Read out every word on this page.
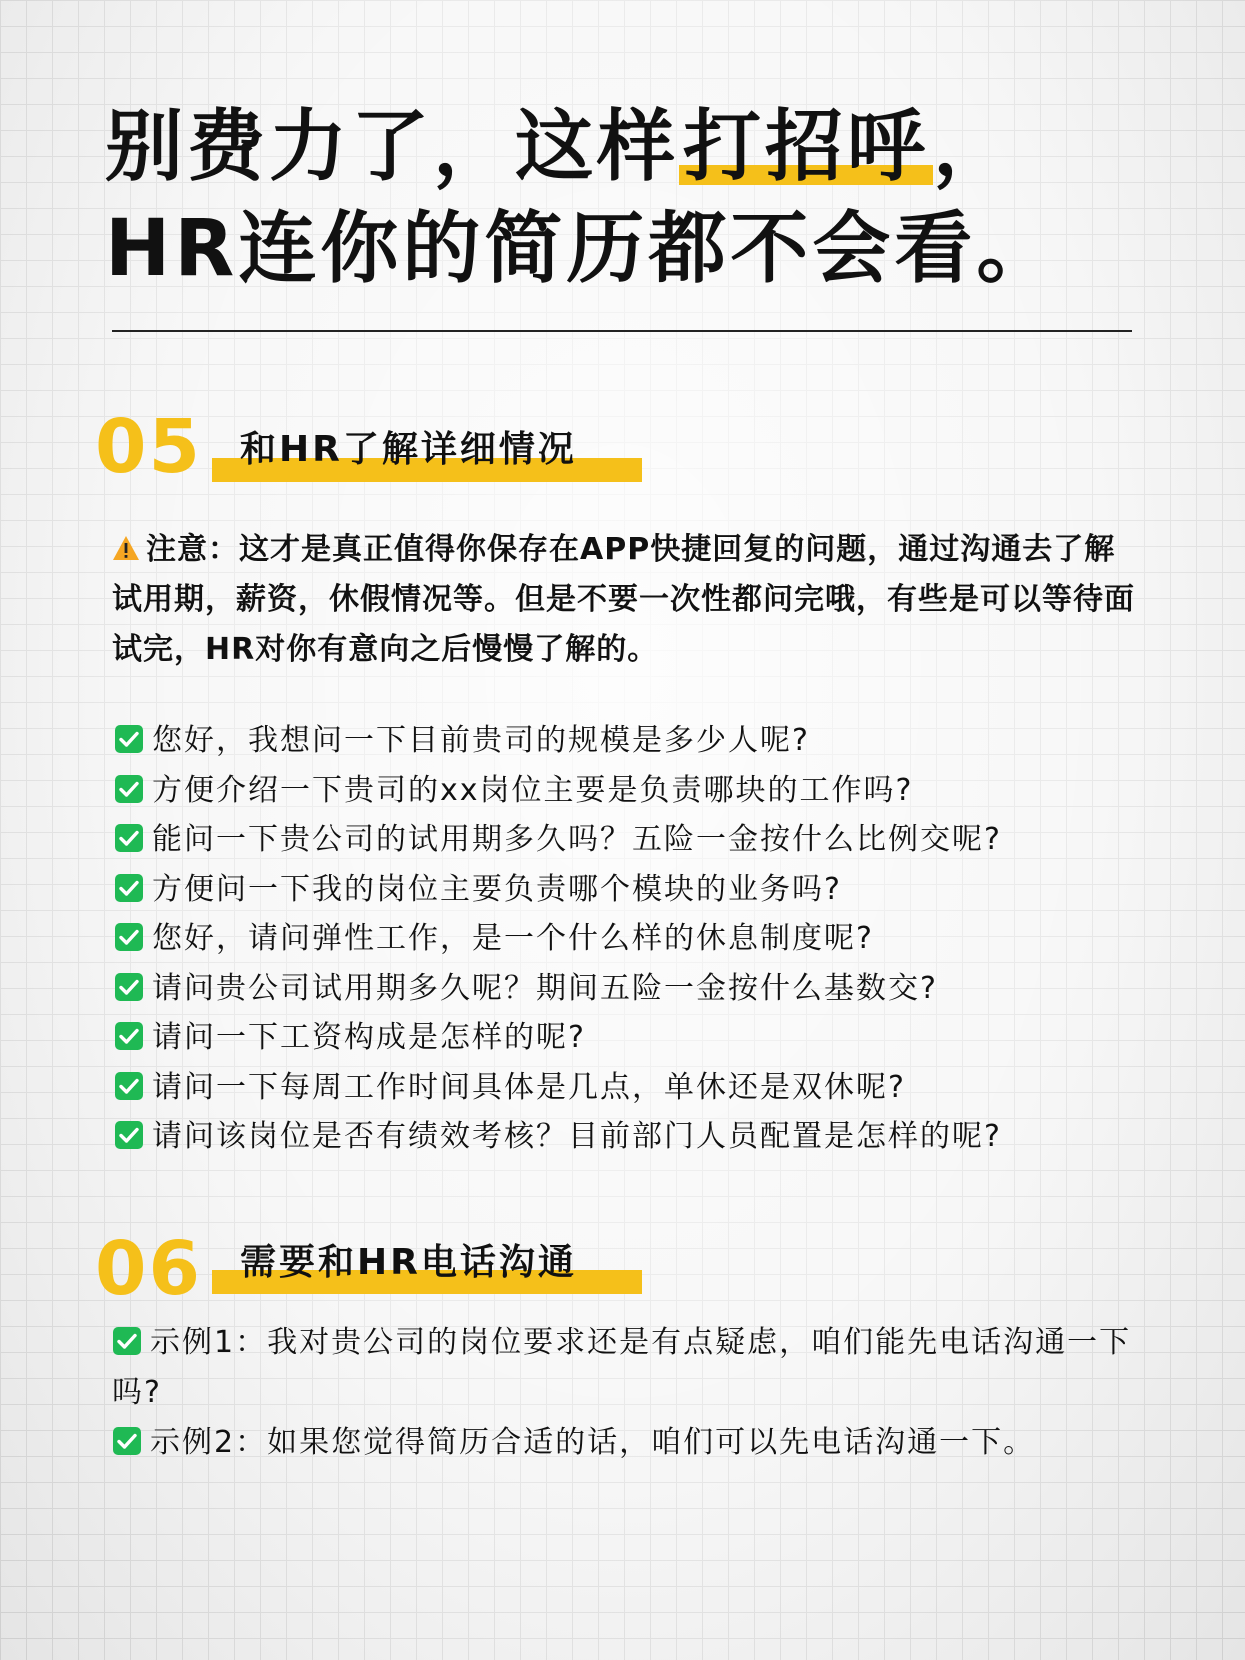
别费力了，这样打招呼，
HR连你的简历都不会看。
05 和HR了解详细情况
注意：这才是真正值得你保存在APP快捷回复的问题，通过沟通去了解试用期，薪资，休假情况等。但是不要一次性都问完哦，有些是可以等待面试完，HR对你有意向之后慢慢了解的。
您好，我想问一下目前贵司的规模是多少人呢?
方便介绍一下贵司的xx岗位主要是负责哪块的工作吗?
能问一下贵公司的试用期多久吗？五险一金按什么比例交呢?
方便问一下我的岗位主要负责哪个模块的业务吗?
您好，请问弹性工作，是一个什么样的休息制度呢?
请问贵公司试用期多久呢？期间五险一金按什么基数交?
请问一下工资构成是怎样的呢?
请问一下每周工作时间具体是几点，单休还是双休呢?
请问该岗位是否有绩效考核？目前部门人员配置是怎样的呢?
06 需要和HR电话沟通
示例1：我对贵公司的岗位要求还是有点疑虑，咱们能先电话沟通一下吗?
示例2：如果您觉得简历合适的话，咱们可以先电话沟通一下。
